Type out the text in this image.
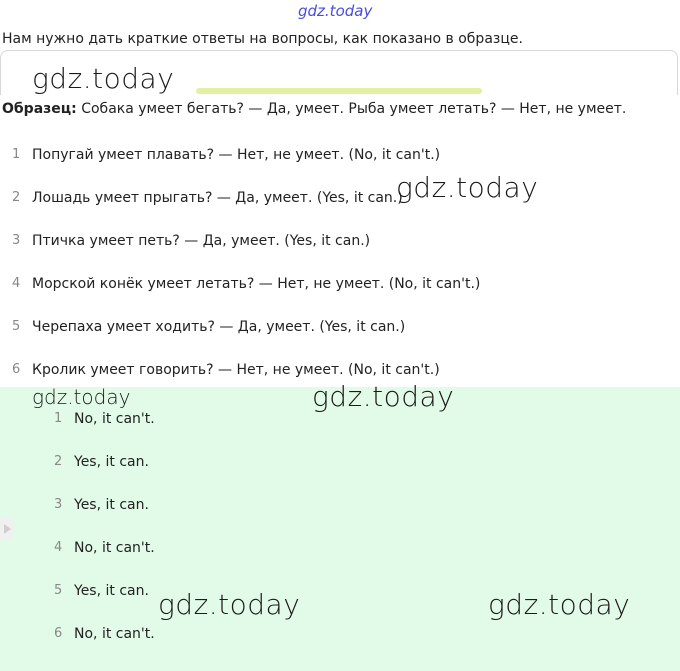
gdz.today
Нам нужно дать краткие ответы на вопросы, как показано в образце.
gdz.today
Образец: Собака умеет бегать? — Да, умеет. Рыба умеет летать? — Нет, не умеет.
1 Попугай умеет плавать? — Нет, не умеет. (No, it can't.)
2 Лошадь умеет прыгать? — Да, умеет. (Yes, it can.)
gdz.today
3 Птичка умеет петь? — Да, умеет. (Yes, it can.)
4 Морской конёк умеет летать? — Нет, не умеет. (No, it can't.)
5 Черепаха умеет ходить? — Да, умеет. (Yes, it can.)
6 Кролик умеет говорить? — Нет, не умеет. (No, it can't.)
gdz.today	gdz.today
1 No, it can't.
2 Yes, it can.
3 Yes, it can.
4 No, it can't.
5 Yes, it can.
6 No, it can't.
gdz.today	gdz.today
